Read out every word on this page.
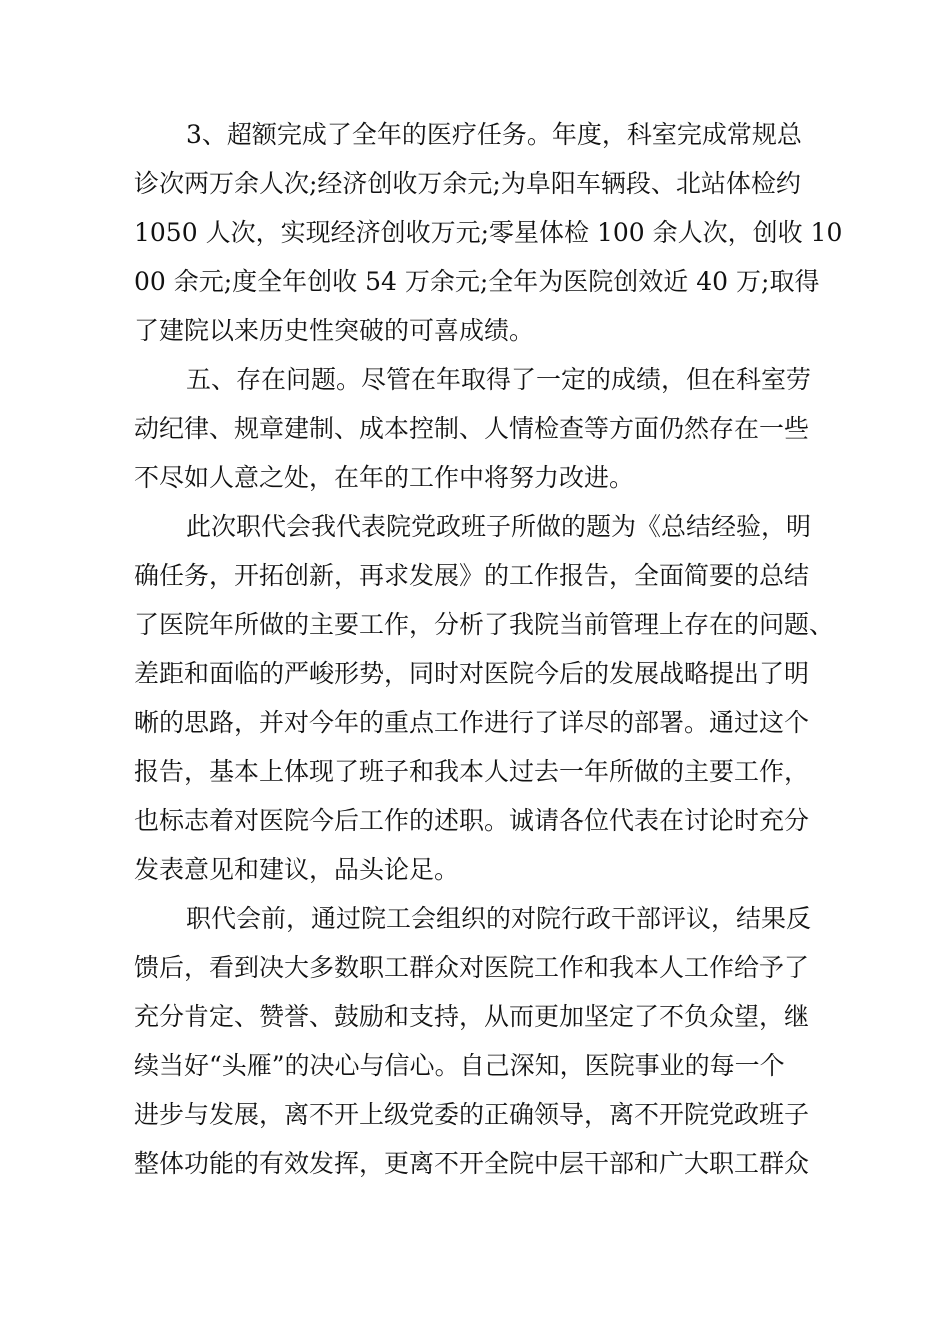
3、超额完成了全年的医疗任务。年度，科室完成常规总
诊次两万余人次;经济创收万余元;为阜阳车辆段、北站体检约
1050 人次，实现经济创收万元;零星体检 100 余人次，创收 10
00 余元;度全年创收 54 万余元;全年为医院创效近 40 万;取得
了建院以来历史性突破的可喜成绩。
五、存在问题。尽管在年取得了一定的成绩，但在科室劳
动纪律、规章建制、成本控制、人情检查等方面仍然存在一些
不尽如人意之处，在年的工作中将努力改进。
此次职代会我代表院党政班子所做的题为《总结经验，明
确任务，开拓创新，再求发展》的工作报告，全面简要的总结
了医院年所做的主要工作，分析了我院当前管理上存在的问题、
差距和面临的严峻形势，同时对医院今后的发展战略提出了明
晰的思路，并对今年的重点工作进行了详尽的部署。通过这个
报告，基本上体现了班子和我本人过去一年所做的主要工作，
也标志着对医院今后工作的述职。诚请各位代表在讨论时充分
发表意见和建议，品头论足。
职代会前，通过院工会组织的对院行政干部评议，结果反
馈后，看到决大多数职工群众对医院工作和我本人工作给予了
充分肯定、赞誉、鼓励和支持，从而更加坚定了不负众望，继
续当好“头雁”的决心与信心。自己深知，医院事业的每一个
进步与发展，离不开上级党委的正确领导，离不开院党政班子
整体功能的有效发挥，更离不开全院中层干部和广大职工群众
